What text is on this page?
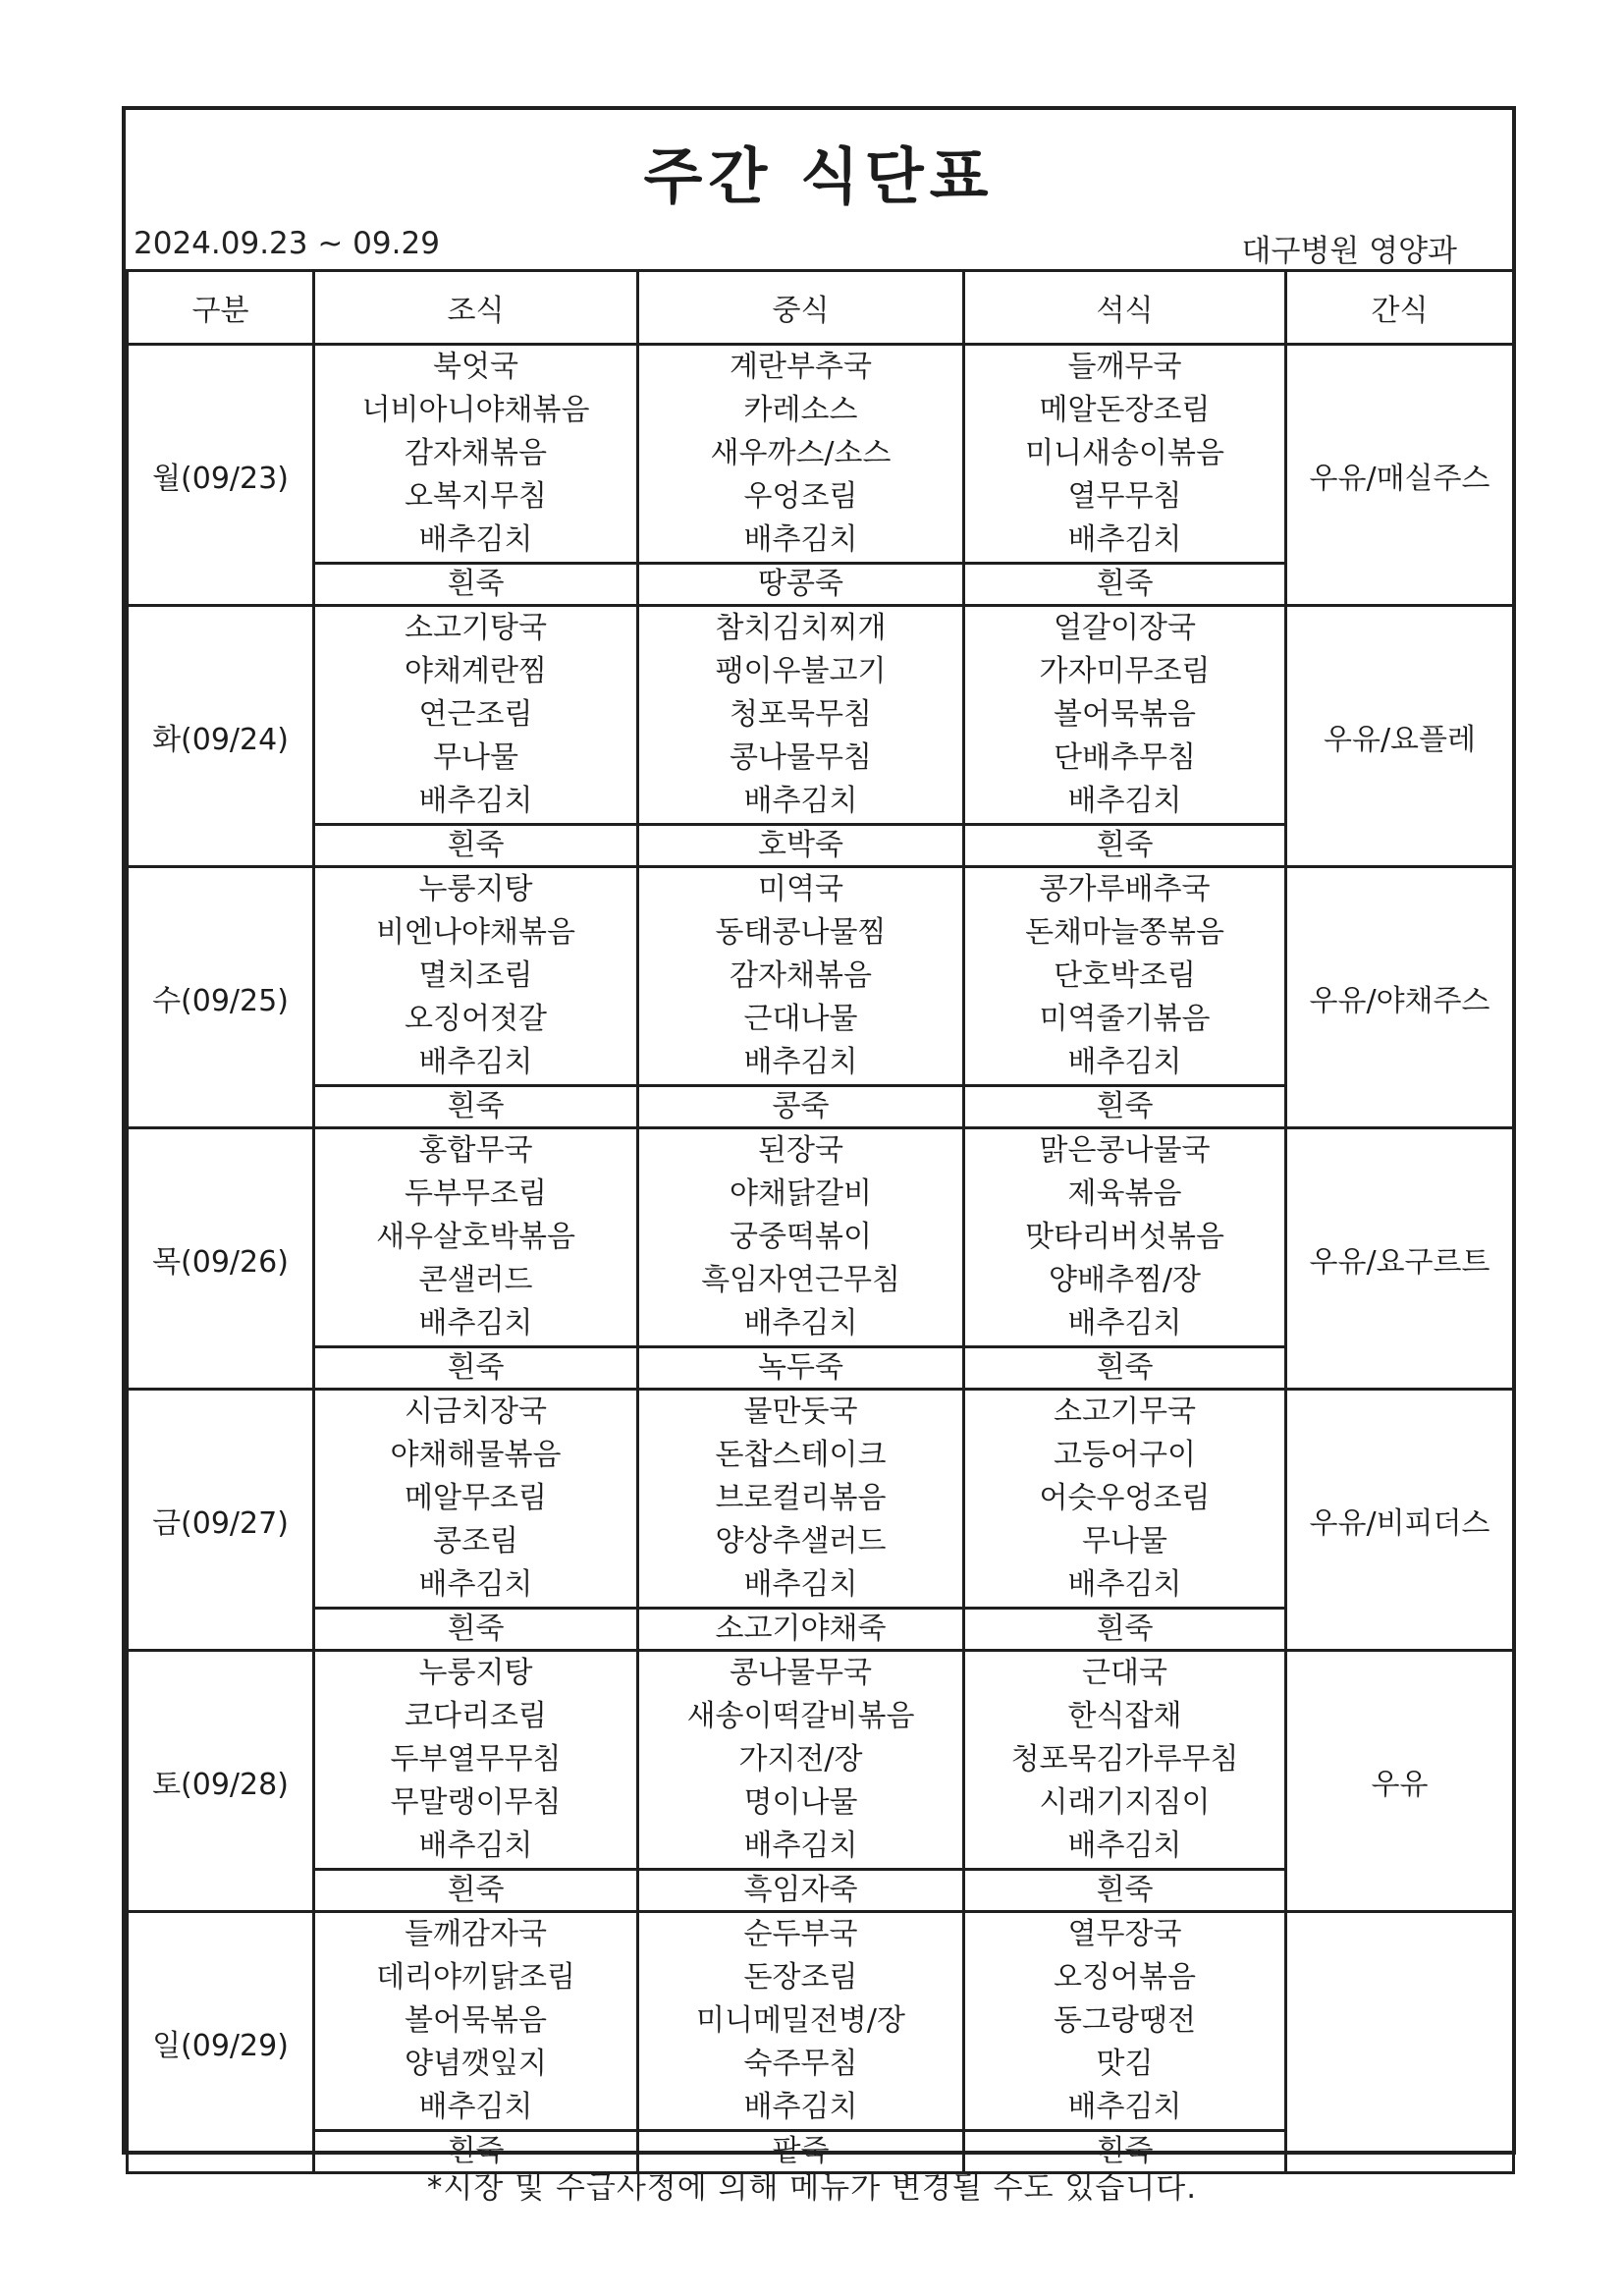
주간 식단표
2024.09.23 ~ 09.29	대구병원 영양과
구분	조식	중식	석식	간식
월(09/23)	북엇국
너비아니야채볶음
감자채볶음
오복지무침
배추김치	계란부추국
카레소스
새우까스/소스
우엉조림
배추김치	들깨무국
메알돈장조림
미니새송이볶음
열무무침
배추김치	우유/매실주스
	흰죽	땅콩죽	흰죽	
화(09/24)	소고기탕국
야채계란찜
연근조림
무나물
배추김치	참치김치찌개
팽이우불고기
청포묵무침
콩나물무침
배추김치	얼갈이장국
가자미무조림
볼어묵볶음
단배추무침
배추김치	우유/요플레
	흰죽	호박죽	흰죽	
수(09/25)	누룽지탕
비엔나야채볶음
멸치조림
오징어젓갈
배추김치	미역국
동태콩나물찜
감자채볶음
근대나물
배추김치	콩가루배추국
돈채마늘쫑볶음
단호박조림
미역줄기볶음
배추김치	우유/야채주스
	흰죽	콩죽	흰죽	
목(09/26)	홍합무국
두부무조림
새우살호박볶음
콘샐러드
배추김치	된장국
야채닭갈비
궁중떡볶이
흑임자연근무침
배추김치	맑은콩나물국
제육볶음
맛타리버섯볶음
양배추찜/장
배추김치	우유/요구르트
	흰죽	녹두죽	흰죽	
금(09/27)	시금치장국
야채해물볶음
메알무조림
콩조림
배추김치	물만둣국
돈찹스테이크
브로컬리볶음
양상추샐러드
배추김치	소고기무국
고등어구이
어슷우엉조림
무나물
배추김치	우유/비피더스
	흰죽	소고기야채죽	흰죽	
토(09/28)	누룽지탕
코다리조림
두부열무무침
무말랭이무침
배추김치	콩나물무국
새송이떡갈비볶음
가지전/장
명이나물
배추김치	근대국
한식잡채
청포묵김가루무침
시래기지짐이
배추김치	우유
	흰죽	흑임자죽	흰죽	
일(09/29)	들깨감자국
데리야끼닭조림
볼어묵볶음
양념깻잎지
배추김치	순두부국
돈장조림
미니메밀전병/장
숙주무침
배추김치	열무장국
오징어볶음
동그랑땡전
맛김
배추김치	

	흰죽	팥죽	흰죽	
*시장 및 수급사정에 의해 메뉴가 변경될 수도 있습니다.
